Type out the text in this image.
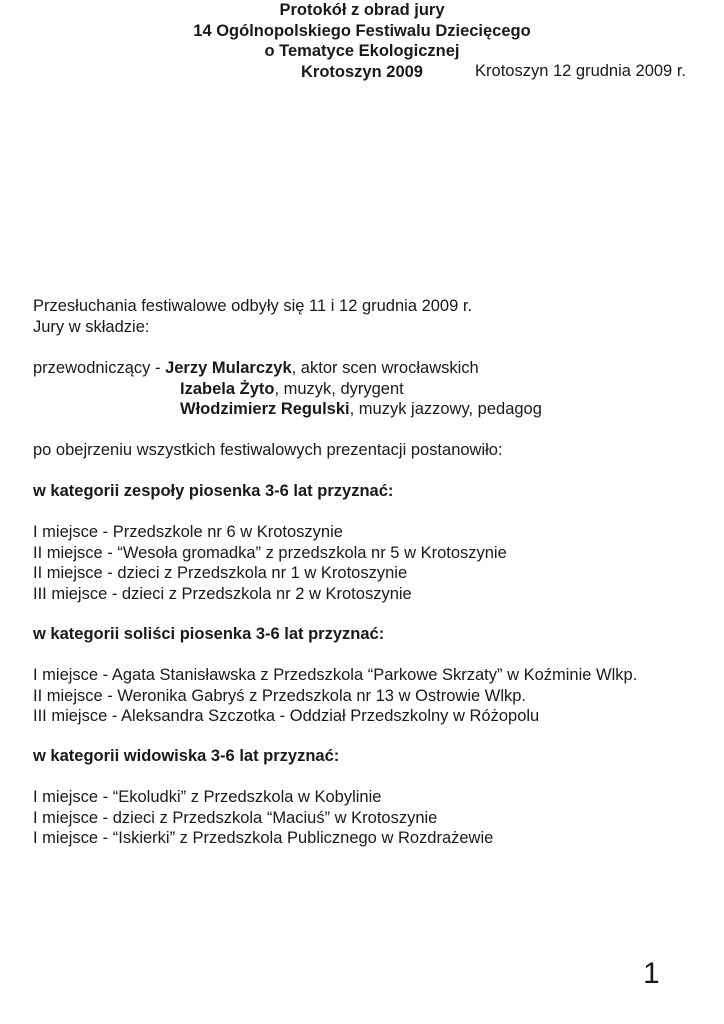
Krotoszyn 12 grudnia 2009 r.
Protokół z obrad jury
14 Ogólnopolskiego Festiwalu Dziecięcego
o Tematyce Ekologicznej
Krotoszyn 2009
Przesłuchania festiwalowe odbyły się 11 i 12 grudnia 2009 r.
Jury w składzie:
przewodniczący - Jerzy Mularczyk, aktor scen wrocławskich
Izabela Żyto, muzyk, dyrygent
Włodzimierz Regulski, muzyk jazzowy, pedagog
po obejrzeniu wszystkich festiwalowych prezentacji postanowiło:
w kategorii zespoły piosenka 3-6 lat przyznać:
I miejsce - Przedszkole nr 6 w Krotoszynie
II miejsce - “Wesoła gromadka” z przedszkola nr 5 w Krotoszynie
II miejsce - dzieci z Przedszkola nr 1 w Krotoszynie
III miejsce - dzieci z Przedszkola nr 2 w Krotoszynie
w kategorii soliści piosenka 3-6 lat przyznać:
I miejsce - Agata Stanisławska z Przedszkola “Parkowe Skrzaty” w Koźminie Wlkp.
II miejsce - Weronika Gabryś z Przedszkola nr 13 w Ostrowie Wlkp.
III miejsce - Aleksandra Szczotka - Oddział Przedszkolny w Różopolu
w kategorii widowiska 3-6 lat przyznać:
I miejsce - “Ekoludki” z Przedszkola w Kobylinie
I miejsce - dzieci z Przedszkola “Maciuś” w Krotoszynie
I miejsce - “Iskierki” z Przedszkola Publicznego w Rozdrażewie
1
